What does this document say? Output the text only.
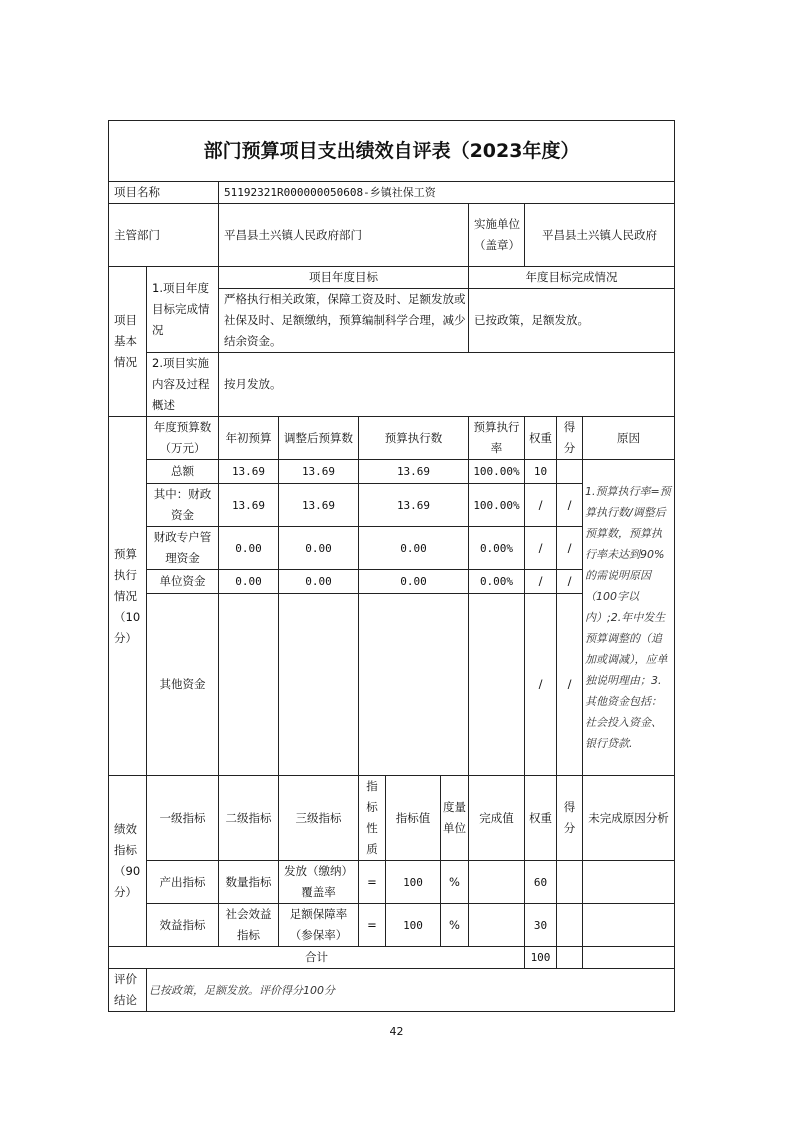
部门预算项目支出绩效自评表（2023年度）										
项目名称		51192321R000000050608-乡镇社保工资								
主管部门		平昌县土兴镇人民政府部门					实施单位（盖章）	平昌县土兴镇人民政府		
项目基本情况	1.项目年度目标完成情况	项目年度目标					年度目标完成情况			
		严格执行相关政策，保障工资及时、足额发放或社保及时、足额缴纳，预算编制科学合理，减少结余资金。					已按政策，足额发放。			
	2.项目实施内容及过程概述	按月发放。								
预算执行情况（10分）	年度预算数（万元）	年初预算	调整后预算数	预算执行数			预算执行率	权重	得分	原因
	总额	13.69	13.69	13.69			100.00%	10		1.预算执行率=预算执行数/调整后预算数，预算执行率未达到90%的需说明原因（100字以内）;2.年中发生预算调整的（追加或调减），应单独说明理由；3.其他资金包括：社会投入资金、银行贷款.
	其中：财政资金	13.69	13.69	13.69			100.00%	/	/	
	财政专户管理资金	0.00	0.00	0.00			0.00%	/	/	
	单位资金	0.00	0.00	0.00			0.00%	/	/	
	其他资金							/	/	
绩效指标（90分）	一级指标	二级指标	三级指标	指标性质	指标值	度量单位	完成值	权重	得分	未完成原因分析
	产出指标	数量指标	发放（缴纳）覆盖率	=	100	%		60		
	效益指标	社会效益指标	足额保障率（参保率）	=	100	%		30		
合计								100		
评价结论	已按政策，足额发放。评价得分100分									
42
